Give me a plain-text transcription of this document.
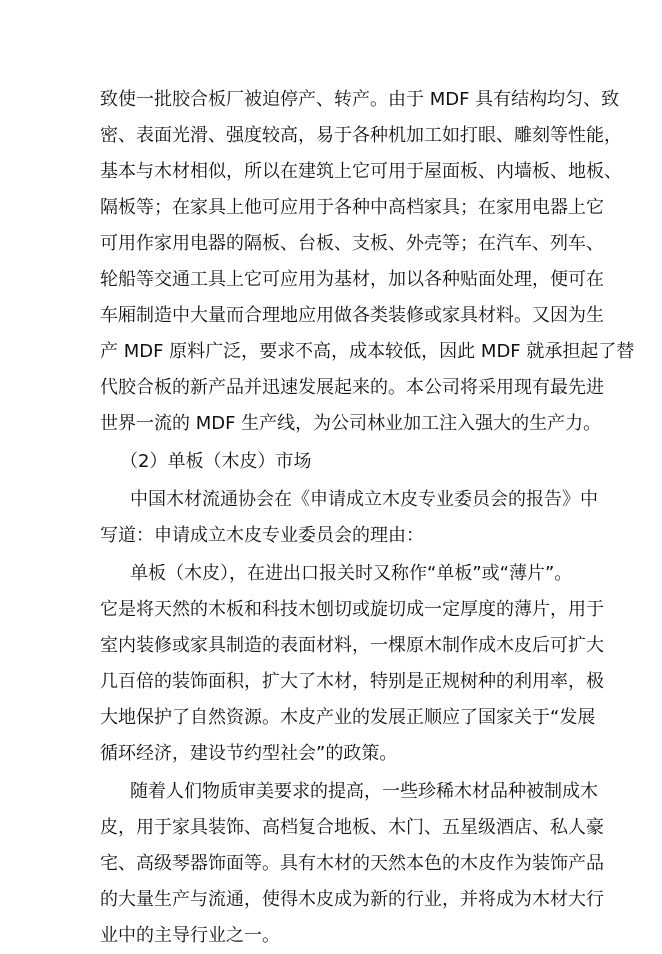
致使一批胶合板厂被迫停产、转产。由于 MDF 具有结构均匀、致
密、表面光滑、强度较高，易于各种机加工如打眼、雕刻等性能，
基本与木材相似，所以在建筑上它可用于屋面板、内墙板、地板、
隔板等；在家具上他可应用于各种中高档家具；在家用电器上它
可用作家用电器的隔板、台板、支板、外壳等；在汽车、列车、
轮船等交通工具上它可应用为基材，加以各种贴面处理，便可在
车厢制造中大量而合理地应用做各类装修或家具材料。又因为生
产 MDF 原料广泛，要求不高，成本较低，因此 MDF 就承担起了替
代胶合板的新产品并迅速发展起来的。本公司将采用现有最先进
世界一流的 MDF 生产线，为公司林业加工注入强大的生产力。
（2）单板（木皮）市场
中国木材流通协会在《申请成立木皮专业委员会的报告》中
写道：申请成立木皮专业委员会的理由：
单板（木皮），在进出口报关时又称作“单板”或“薄片”。
它是将天然的木板和科技木刨切或旋切成一定厚度的薄片，用于
室内装修或家具制造的表面材料，一棵原木制作成木皮后可扩大
几百倍的装饰面积，扩大了木材，特别是正规树种的利用率，极
大地保护了自然资源。木皮产业的发展正顺应了国家关于“发展
循环经济，建设节约型社会”的政策。
随着人们物质审美要求的提高，一些珍稀木材品种被制成木
皮，用于家具装饰、高档复合地板、木门、五星级酒店、私人豪
宅、高级琴器饰面等。具有木材的天然本色的木皮作为装饰产品
的大量生产与流通，使得木皮成为新的行业，并将成为木材大行
业中的主导行业之一。
